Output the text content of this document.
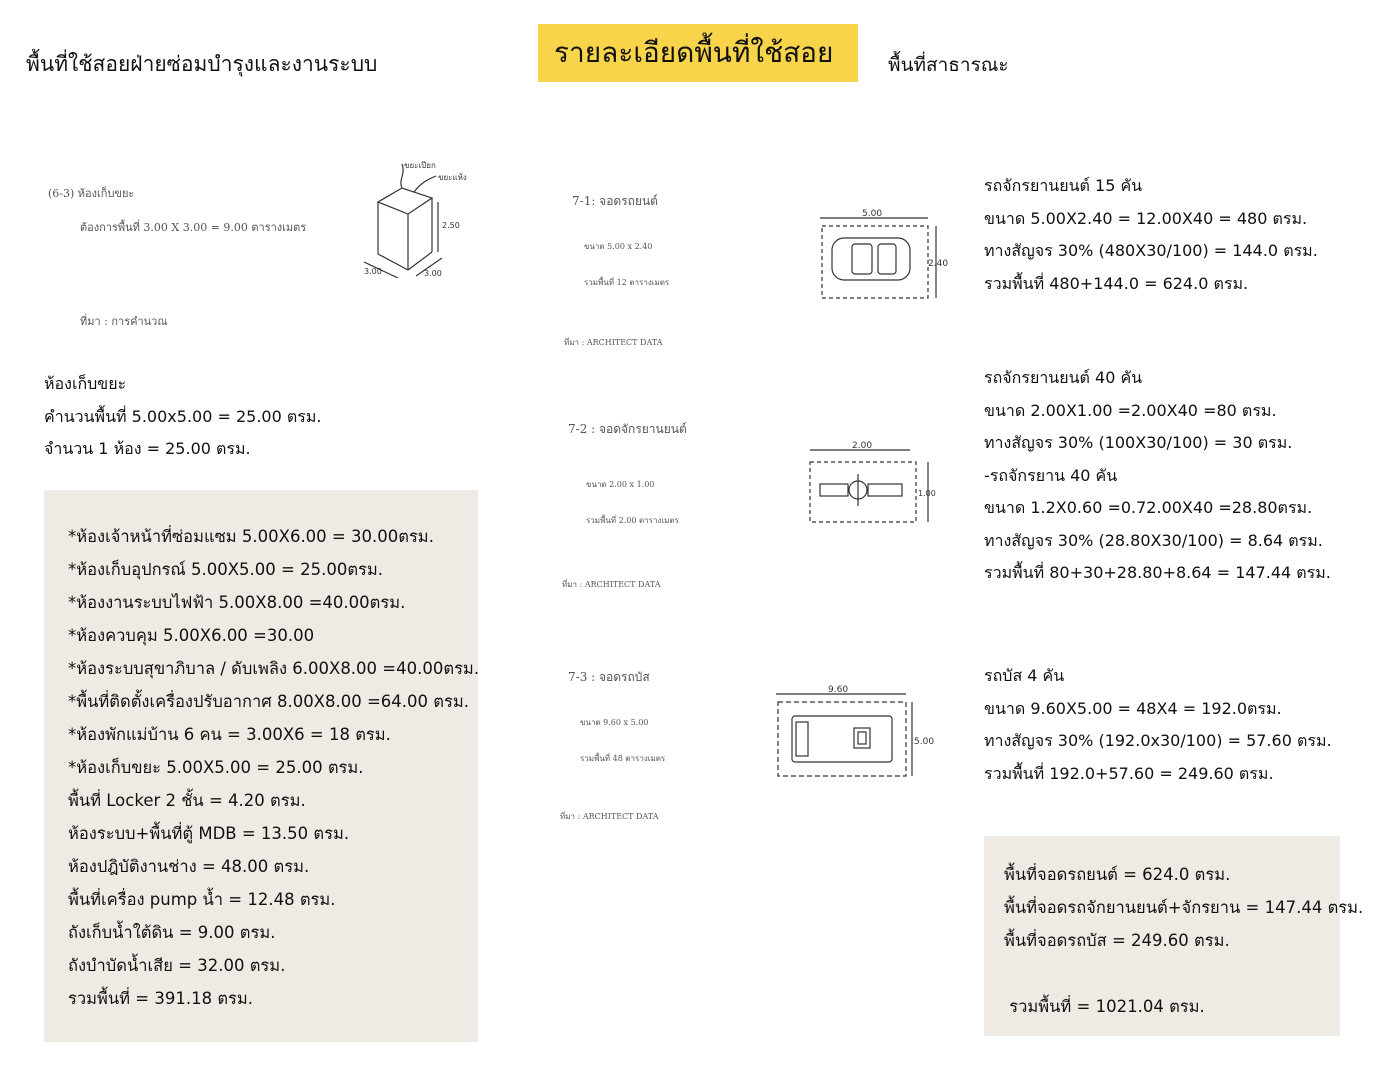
พื้นที่ใช้สอยฝ่ายซ่อมบำรุงและงานระบบ	รายละเอียดพื้นที่ใช้สอย	พื้นที่สาธารณะ
(6-3) ห้องเก็บขยะ
ต้องการพื้นที่ 3.00 X 3.00 = 9.00 ตารางเมตร
ที่มา : การคำนวณ
ขยะเปียก
ขยะแห้ง
2.50
3.00	3.00
ห้องเก็บขยะ
คำนวนพื้นที่ 5.00x5.00 = 25.00 ตรม.
จำนวน 1 ห้อง = 25.00 ตรม.
*ห้องเจ้าหน้าที่ซ่อมแซม 5.00X6.00 = 30.00ตรม.
*ห้องเก็บอุปกรณ์ 5.00X5.00 = 25.00ตรม.
*ห้องงานระบบไฟฟ้า 5.00X8.00 =40.00ตรม.
*ห้องควบคุม 5.00X6.00 =30.00
*ห้องระบบสุขาภิบาล / ดับเพลิง 6.00X8.00 =40.00ตรม.
*พื้นที่ติดตั้งเครื่องปรับอากาศ 8.00X8.00 =64.00 ตรม.
*ห้องพักแม่บ้าน 6 คน = 3.00X6 = 18 ตรม.
*ห้องเก็บขยะ 5.00X5.00 = 25.00 ตรม.
พื้นที่ Locker 2 ชั้น = 4.20 ตรม.
ห้องระบบ+พื้นที่ตู้ MDB = 13.50 ตรม.
ห้องปฎิบัติงานช่าง = 48.00 ตรม.
พื้นที่เครื่อง pump น้ำ = 12.48 ตรม.
ถังเก็บน้ำใต้ดิน = 9.00 ตรม.
ถังบำบัดน้ำเสีย = 32.00 ตรม.
รวมพื้นที่ = 391.18 ตรม.
7-1: จอดรถยนต์
ขนาด 5.00 x 2.40
รวมพื้นที่ 12 ตารางเมตร
ที่มา : ARCHITECT DATA
5.00
2.40
รถจักรยานยนต์ 15 คัน
ขนาด 5.00X2.40 = 12.00X40 = 480 ตรม.
ทางสัญจร 30% (480X30/100) = 144.0 ตรม.
รวมพื้นที่ 480+144.0 = 624.0 ตรม.
7-2 : จอดจักรยานยนต์
ขนาด 2.00 x 1.00
รวมพื้นที่ 2.00 ตารางเมตร
ที่มา : ARCHITECT DATA
2.00
1.00
รถจักรยานยนต์ 40 คัน
ขนาด 2.00X1.00 =2.00X40 =80 ตรม.
ทางสัญจร 30% (100X30/100) = 30 ตรม.
-รถจักรยาน 40 คัน
ขนาด 1.2X0.60 =0.72.00X40 =28.80ตรม.
ทางสัญจร 30% (28.80X30/100) = 8.64 ตรม.
รวมพื้นที่ 80+30+28.80+8.64 = 147.44 ตรม.
7-3 : จอดรถบัส
ขนาด 9.60 x 5.00
รวมพื้นที่ 48 ตารางเมตร
ที่มา : ARCHITECT DATA
9.60
5.00
รถบัส 4 คัน
ขนาด 9.60X5.00 = 48X4 = 192.0ตรม.
ทางสัญจร 30% (192.0x30/100) = 57.60 ตรม.
รวมพื้นที่ 192.0+57.60 = 249.60 ตรม.
พื้นที่จอดรถยนต์ = 624.0 ตรม.
พื้นที่จอดรถจักยานยนต์+จักรยาน = 147.44 ตรม.
พื้นที่จอดรถบัส = 249.60 ตรม.
รวมพื้นที่ = 1021.04 ตรม.
